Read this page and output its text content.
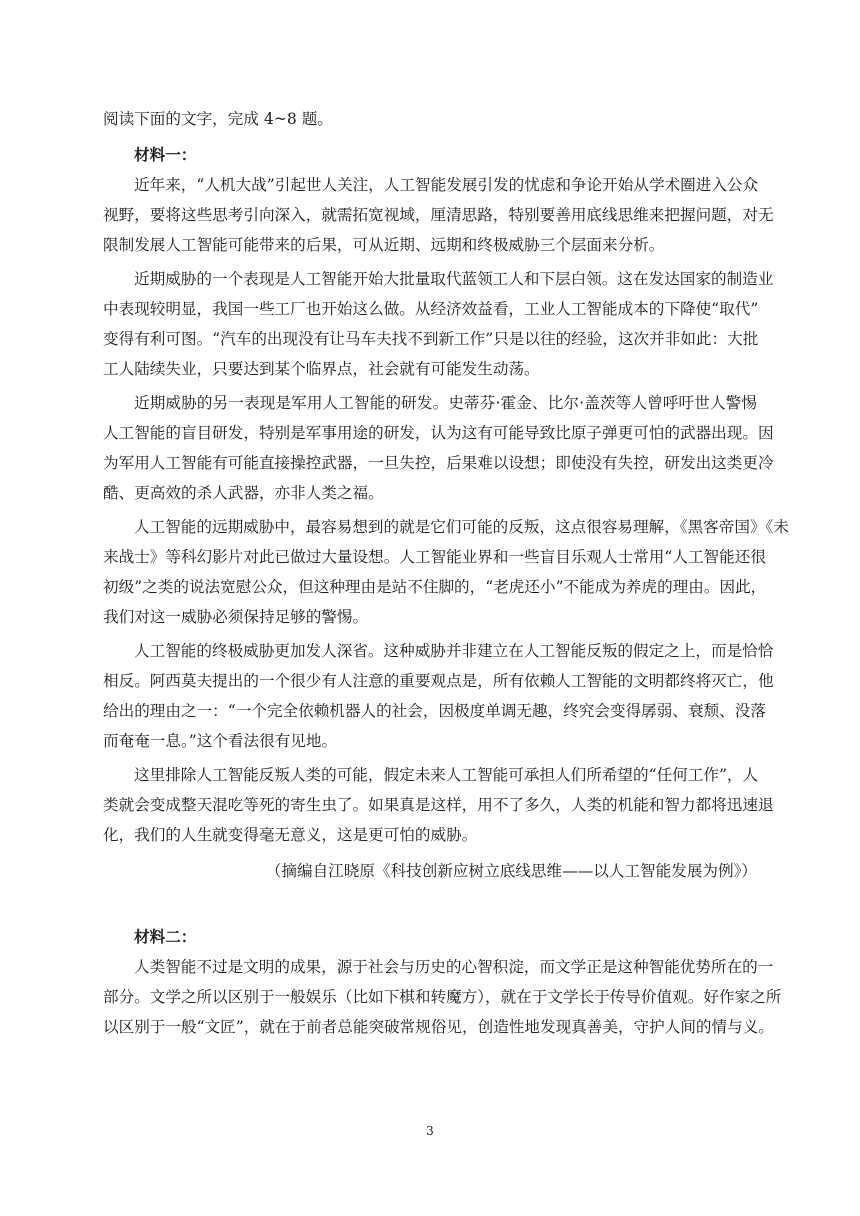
阅读下面的文字，完成 4~8 题。

材料一：

近年来，“人机大战”引起世人关注，人工智能发展引发的忧虑和争论开始从学术圈进入公众

视野，要将这些思考引向深入，就需拓宽视域，厘清思路，特别要善用底线思维来把握问题，对无

限制发展人工智能可能带来的后果，可从近期、远期和终极威胁三个层面来分析。

近期威胁的一个表现是人工智能开始大批量取代蓝领工人和下层白领。这在发达国家的制造业

中表现较明显，我国一些工厂也开始这么做。从经济效益看，工业人工智能成本的下降使“取代”

变得有利可图。“汽车的出现没有让马车夫找不到新工作”只是以往的经验，这次并非如此：大批

工人陆续失业，只要达到某个临界点，社会就有可能发生动荡。

近期威胁的另一表现是军用人工智能的研发。史蒂芬·霍金、比尔·盖茨等人曾呼吁世人警惕

人工智能的盲目研发，特别是军事用途的研发，认为这有可能导致比原子弹更可怕的武器出现。因

为军用人工智能有可能直接操控武器，一旦失控，后果难以设想；即使没有失控，研发出这类更冷

酷、更高效的杀人武器，亦非人类之福。

人工智能的远期威胁中，最容易想到的就是它们可能的反叛，这点很容易理解，《黑客帝国》《未

来战士》等科幻影片对此已做过大量设想。人工智能业界和一些盲目乐观人士常用“人工智能还很

初级”之类的说法宽慰公众，但这种理由是站不住脚的，“老虎还小”不能成为养虎的理由。因此，

我们对这一威胁必须保持足够的警惕。

人工智能的终极威胁更加发人深省。这种威胁并非建立在人工智能反叛的假定之上，而是恰恰

相反。阿西莫夫提出的一个很少有人注意的重要观点是，所有依赖人工智能的文明都终将灭亡，他

给出的理由之一：“一个完全依赖机器人的社会，因极度单调无趣，终究会变得孱弱、衰颓、没落

而奄奄一息。”这个看法很有见地。

这里排除人工智能反叛人类的可能，假定未来人工智能可承担人们所希望的“任何工作”，人

类就会变成整天混吃等死的寄生虫了。如果真是这样，用不了多久，人类的机能和智力都将迅速退

化，我们的人生就变得毫无意义，这是更可怕的威胁。

（摘编自江晓原《科技创新应树立底线思维——以人工智能发展为例》）

材料二：

人类智能不过是文明的成果，源于社会与历史的心智积淀，而文学正是这种智能优势所在的一

部分。文学之所以区别于一般娱乐（比如下棋和转魔方），就在于文学长于传导价值观。好作家之所

以区别于一般“文匠”，就在于前者总能突破常规俗见，创造性地发现真善美，守护人间的情与义。

3
